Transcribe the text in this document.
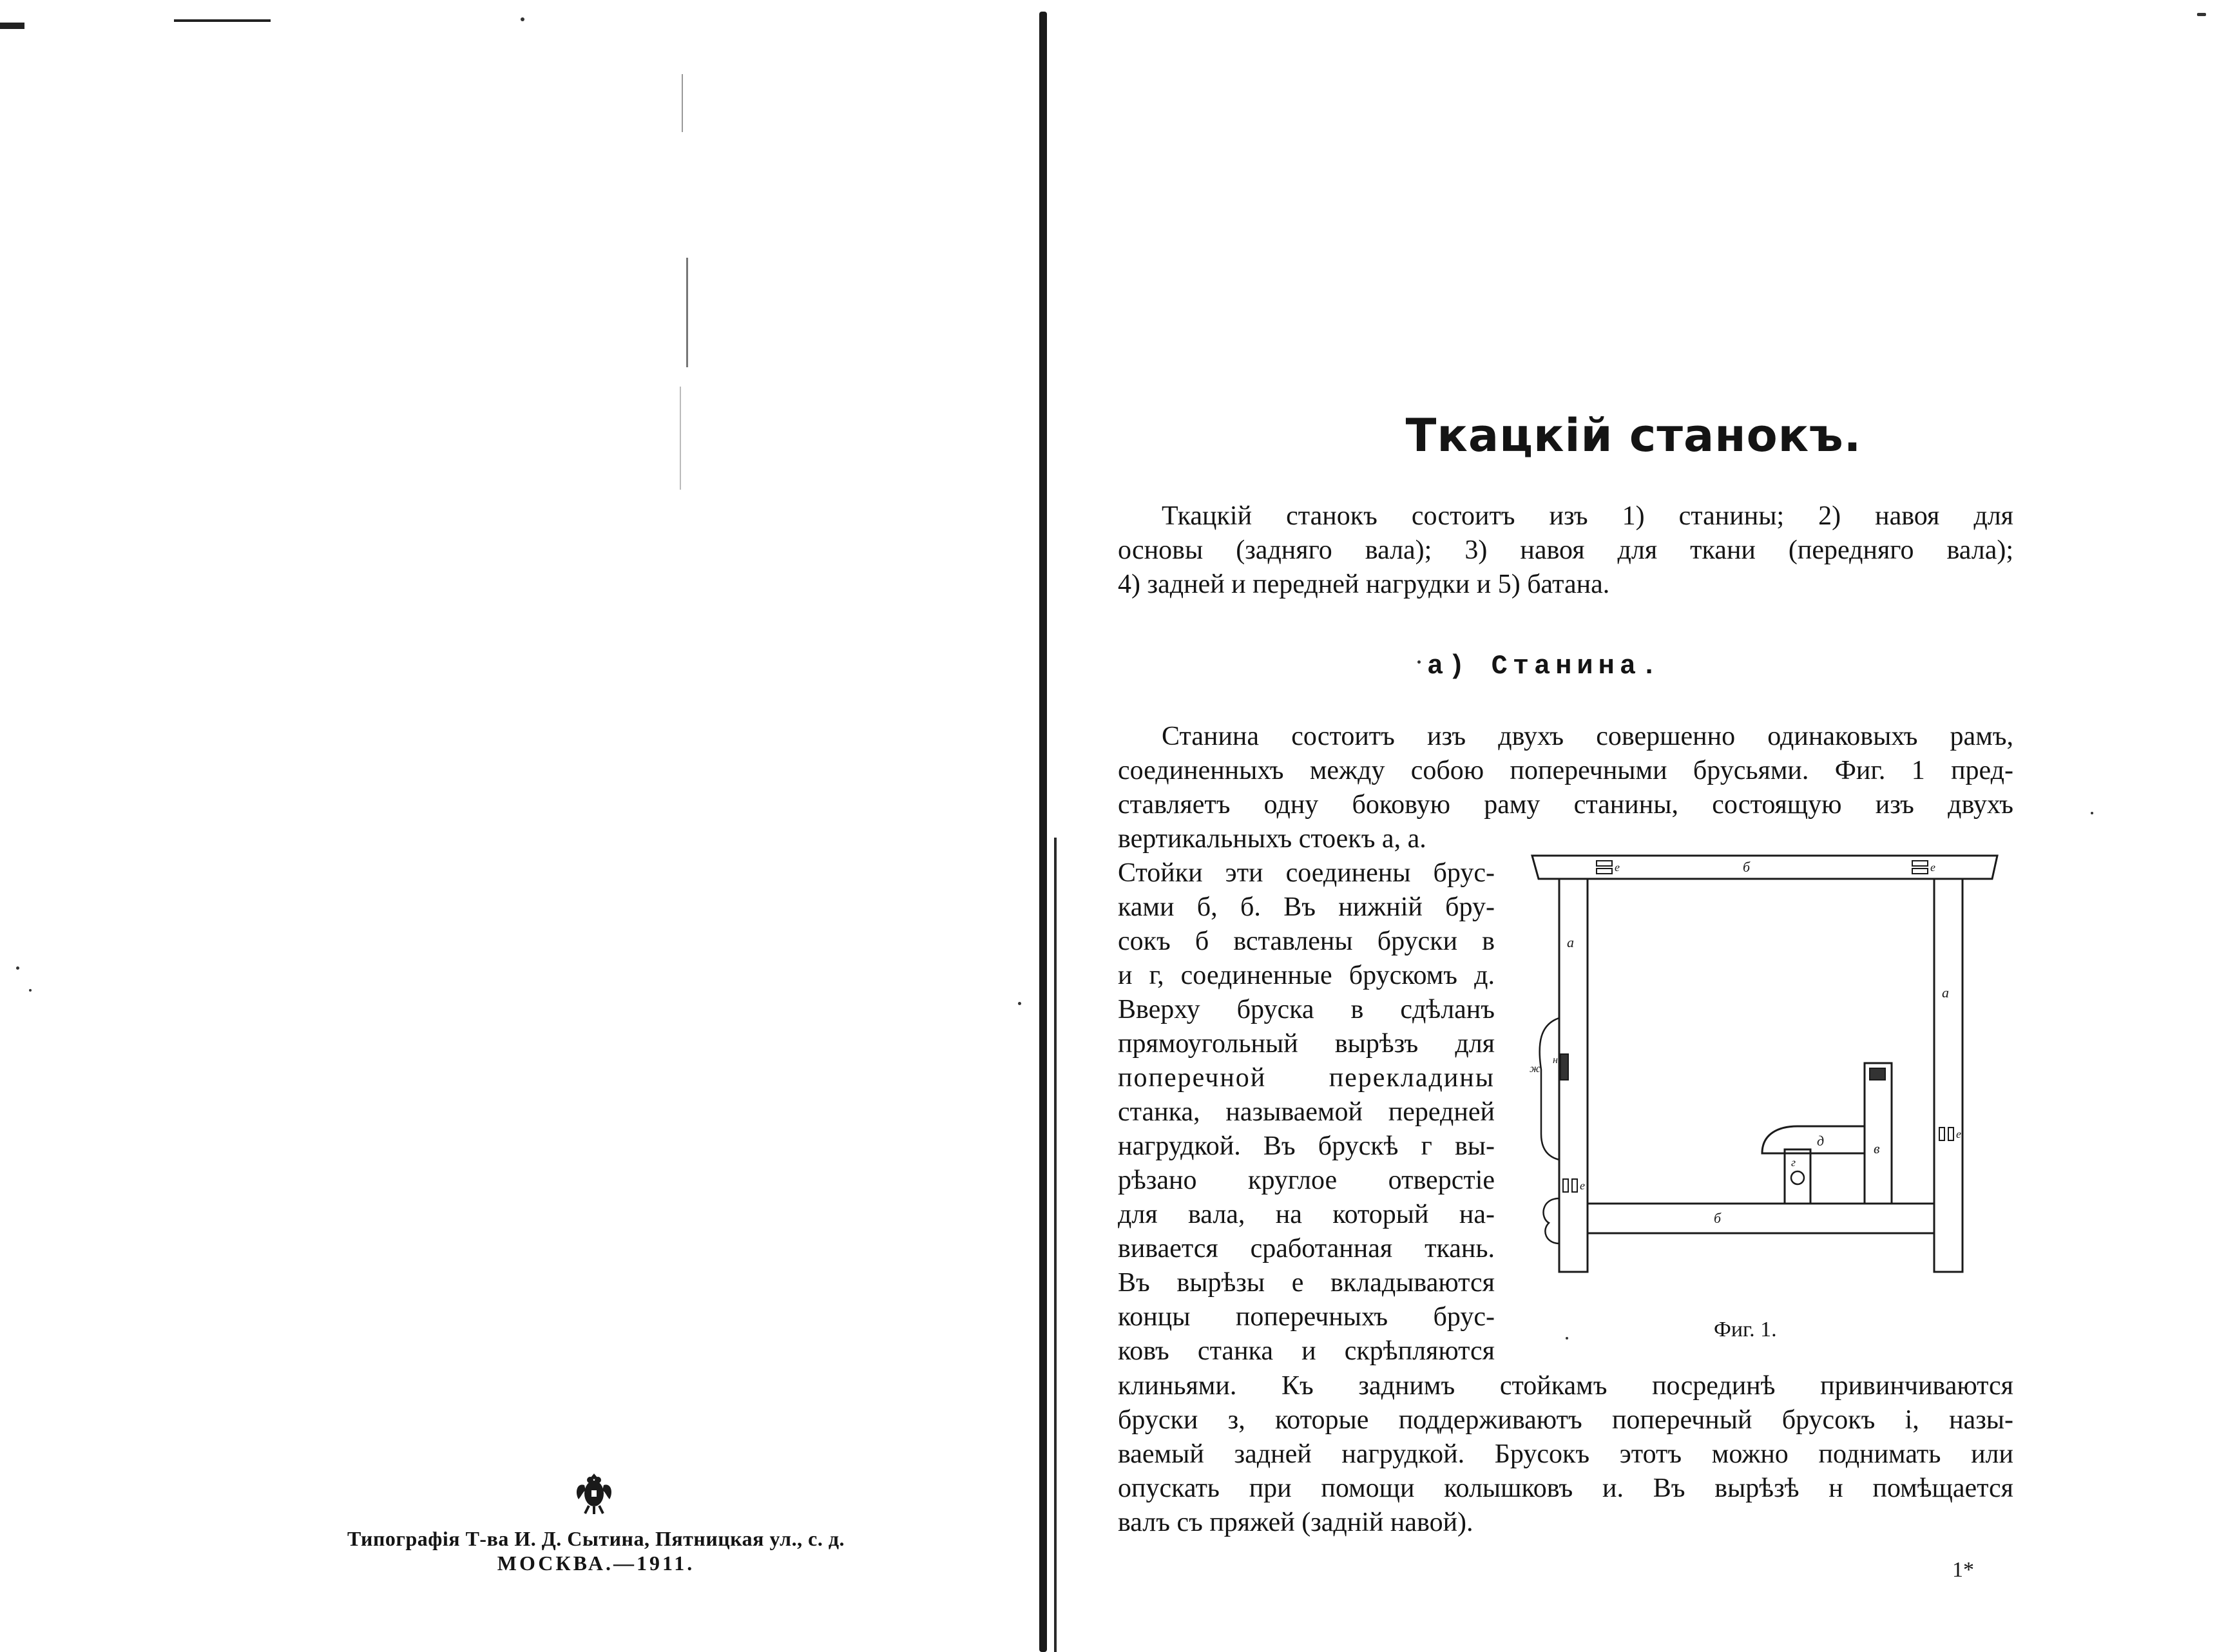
Типографія Т-ва И. Д. Сытина, Пятницкая ул., с. д.
МОСКВА.—1911.
Ткацкій станокъ.
Ткацкій станокъ состоитъ изъ 1) станины; 2) навоя для
основы (задняго вала); 3) навоя для ткани (передняго вала);
4) задней и передней нагрудки и 5) батана.
а) Станина.
Станина состоитъ изъ двухъ совершенно одинаковыхъ рамъ,
соединенныхъ между собою поперечными брусьями. Фиг. 1 пред-
ставляетъ одну боковую раму станины, состоящую изъ двухъ
вертикальныхъ стоекъ а, а.
Стойки эти соединены брус-
ками б, б. Въ нижній бру-
сокъ б вставлены бруски в
и г, соединенные брускомъ д.
Вверху бруска в сдѣланъ
прямоугольный вырѣзъ для
поперечной перекладины
станка, называемой передней
нагрудкой. Въ брускѣ г вы-
рѣзано круглое отверстіе
для вала, на который на-
вивается сработанная ткань.
Въ вырѣзы е вкладываются
концы поперечныхъ брус-
ковъ станка и скрѣпляются
клиньями. Къ заднимъ стойкамъ посрединѣ привинчиваются
бруски з, которые поддерживаютъ поперечный брусокъ і, назы-
ваемый задней нагрудкой. Брусокъ этотъ можно поднимать или
опускать при помощи колышковъ и. Въ вырѣзѣ н помѣщается
валъ съ пряжей (задній навой).
б
е	е
а
а
е
е
б
г
в
д
ж
н
Фиг. 1.
1*
